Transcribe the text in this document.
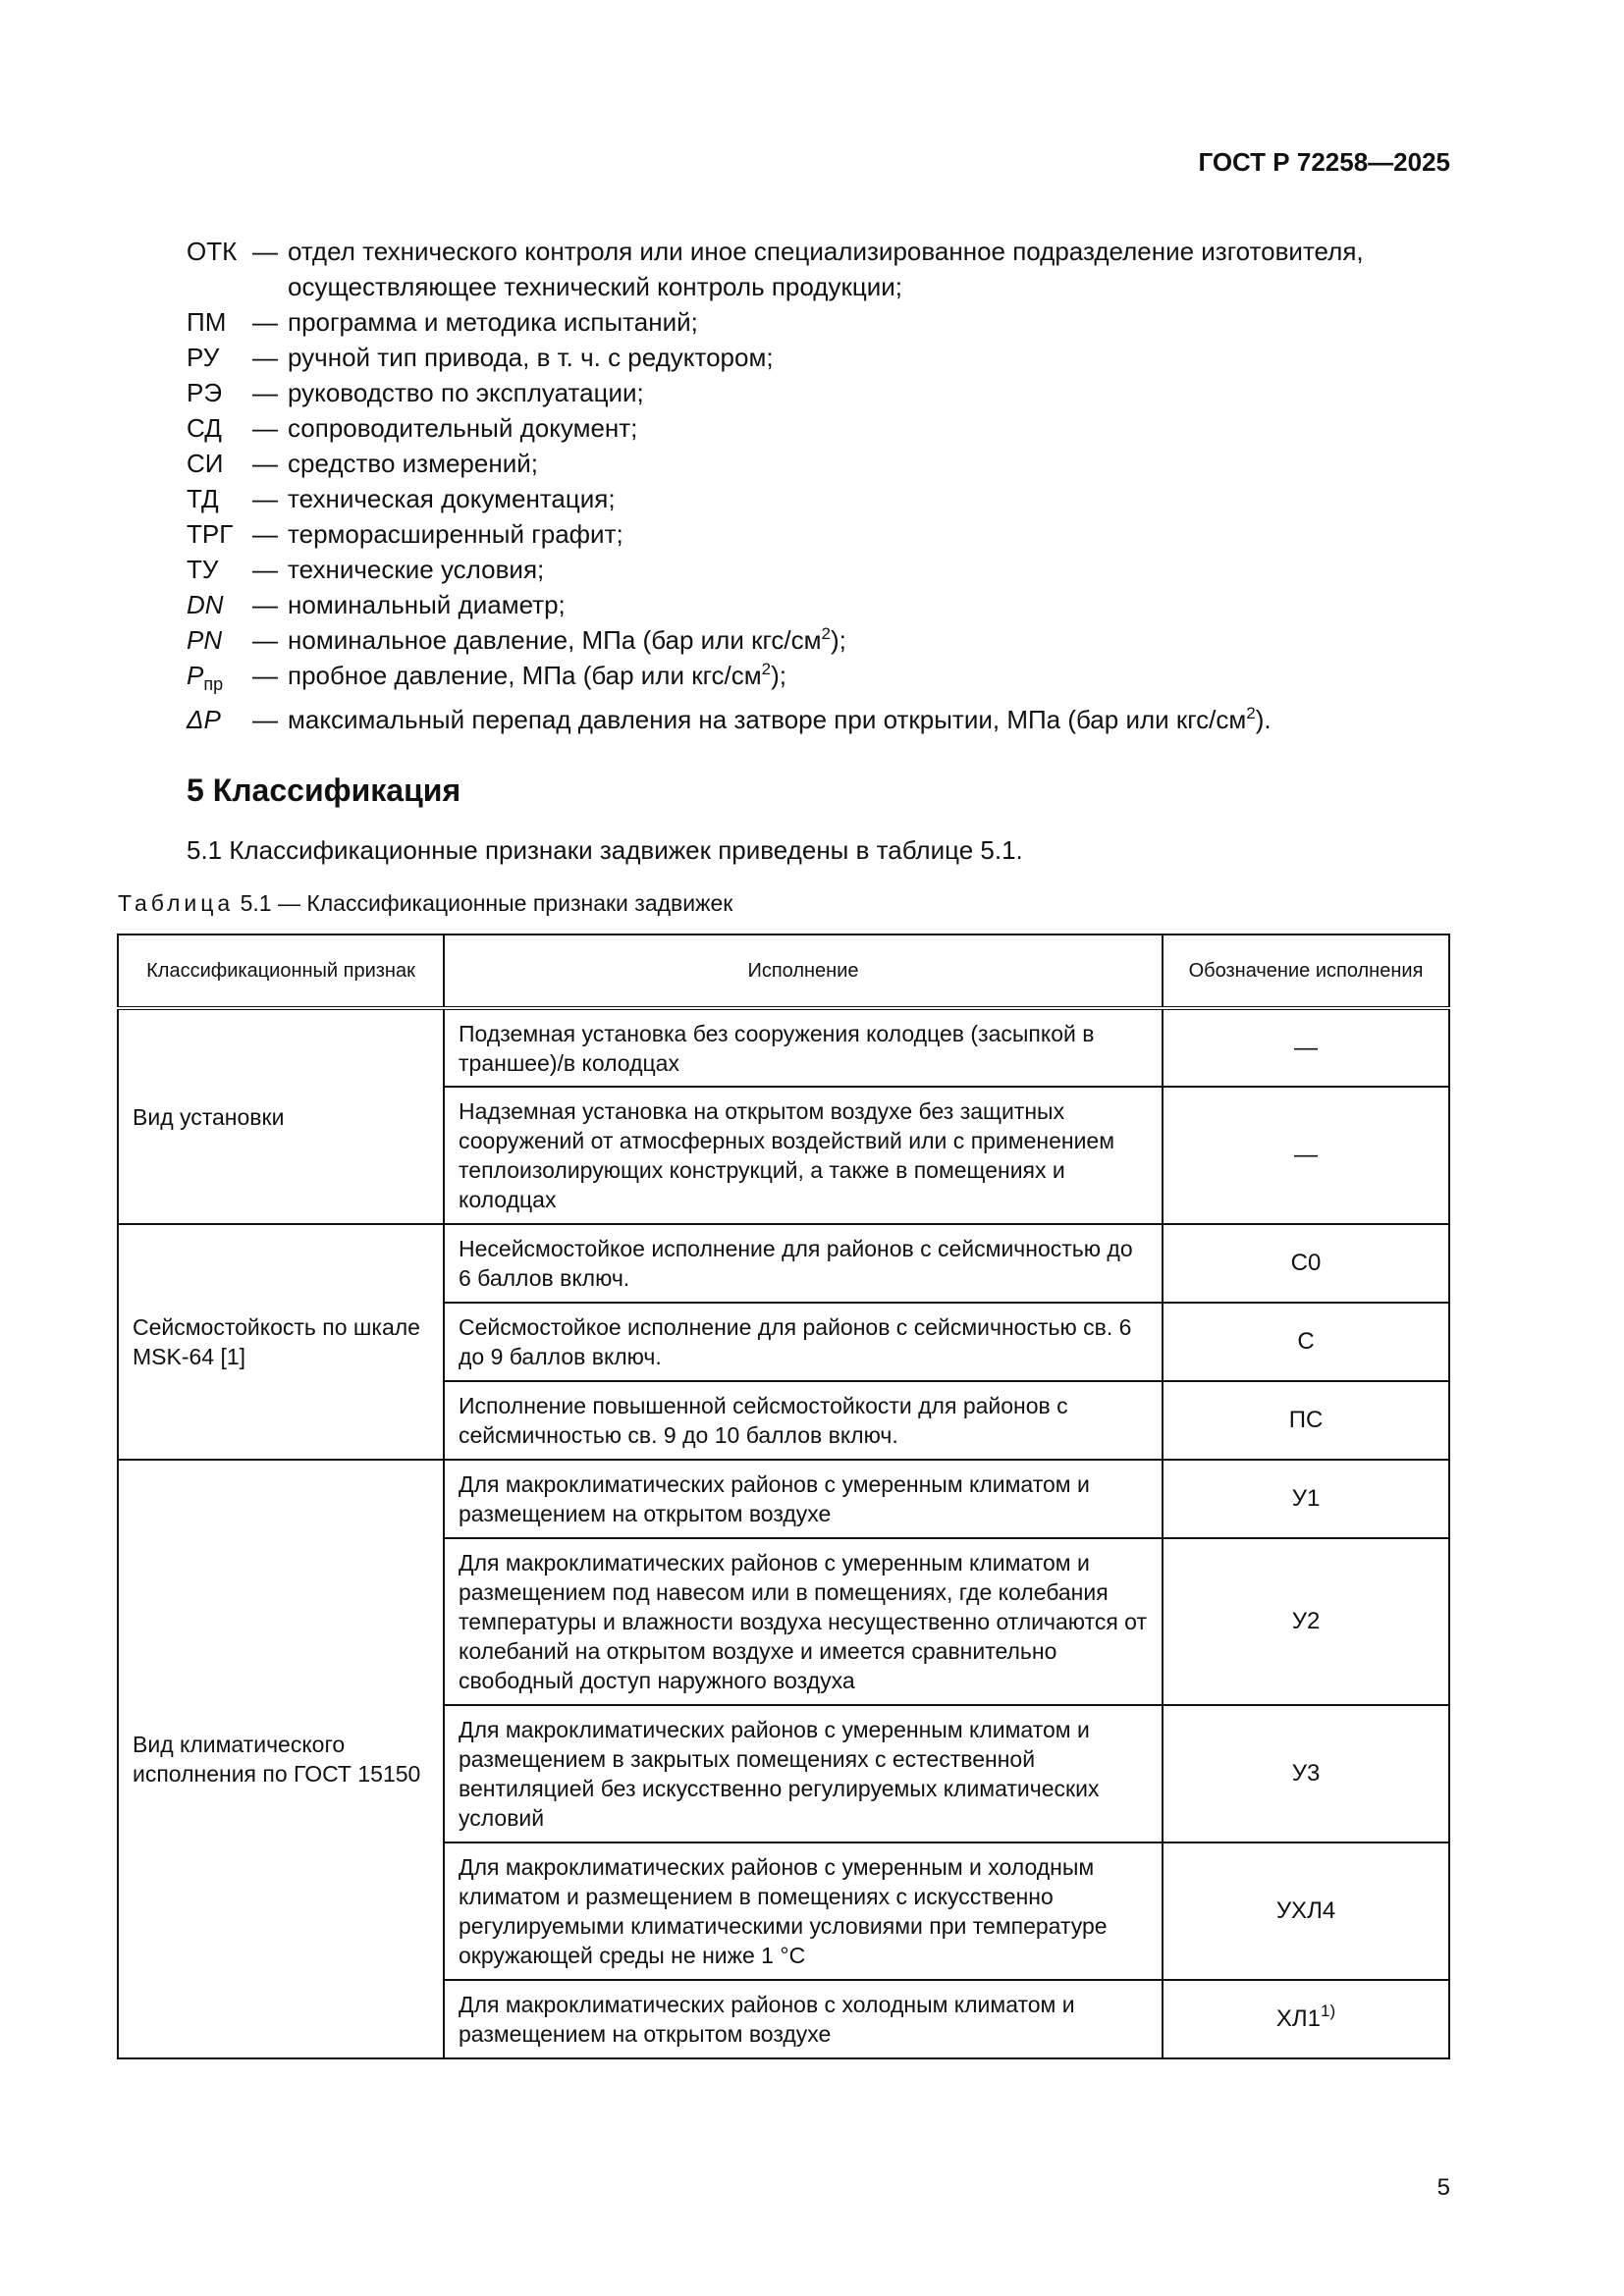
ГОСТ Р 72258—2025
ОТК — отдел технического контроля или иное специализированное подразделение изготовителя, осуществляющее технический контроль продукции;
ПМ	— программа и методика испытаний;
РУ	— ручной тип привода, в т. ч. с редуктором;
РЭ	— руководство по эксплуатации;
СД	— сопроводительный документ;
СИ	— средство измерений;
ТД	— техническая документация;
ТРГ — терморасширенный графит;
ТУ	— технические условия;
DN	— номинальный диаметр;
PN	— номинальное давление, МПа (бар или кгс/$см^2$);
$P_{пр}$	— пробное давление, МПа (бар или кгс/$см^2$);
ΔP	— максимальный перепад давления на затворе при открытии, МПа (бар или кгс/$см^2$).
5 Классификация
5.1 Классификационные признаки задвижек приведены в таблице 5.1.
Таблица 5.1 — Классификационные признаки задвижек
Классификационный признак	Исполнение	Обозначение исполнения
Вид установки	Подземная установка без сооружения колодцев (засыпкой в траншее)/в колодцах	—
	Надземная установка на открытом воздухе без защитных сооружений от атмосферных воздействий или с применением теплоизолирующих конструкций, а также в помещениях и колодцах	—
Сейсмостойкость по шкале MSK-64 [1]	Несейсмостойкое исполнение для районов с сейсмичностью до 6 баллов включ.	С0
	Сейсмостойкое исполнение для районов с сейсмичностью св. 6 до 9 баллов включ.	С
	Исполнение повышенной сейсмостойкости для районов с сейсмичностью св. 9 до 10 баллов включ.	ПС
Вид климатического исполнения по ГОСТ 15150	Для макроклиматических районов с умеренным климатом и размещением на открытом воздухе	У1
	Для макроклиматических районов с умеренным климатом и размещением под навесом или в помещениях, где колебания температуры и влажности воздуха несущественно отличаются от колебаний на открытом воздухе и имеется сравнительно свободный доступ наружного воздуха	У2
	Для макроклиматических районов с умеренным климатом и размещением в закрытых помещениях с естественной вентиляцией без искусственно регулируемых климатических условий	У3
	Для макроклиматических районов с умеренным и холодным климатом и размещением в помещениях с искусственно регулируемыми климатическими условиями при температуре окружающей среды не ниже 1 °С	УХЛ4
	Для макроклиматических районов с холодным климатом и размещением на открытом воздухе	ХЛ1$^{1)}$
5
